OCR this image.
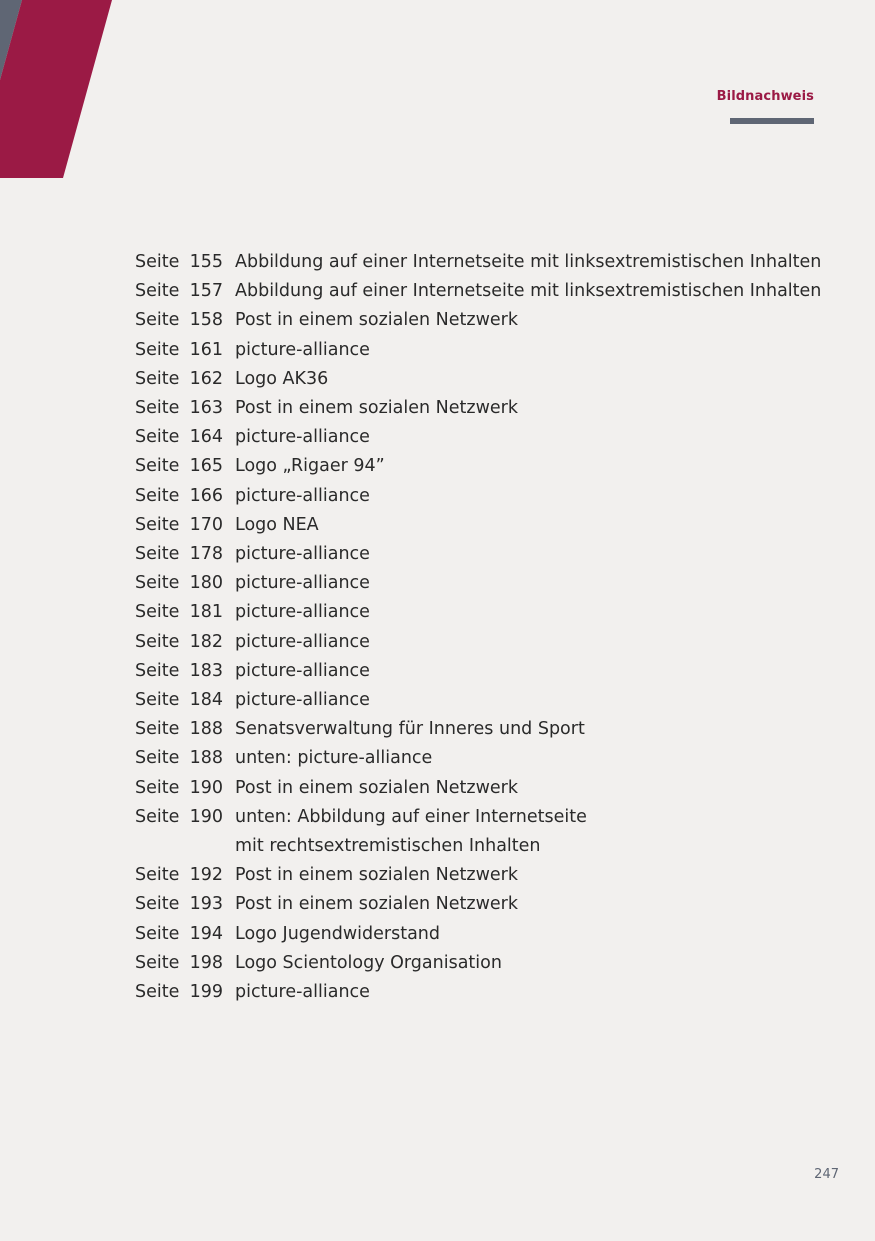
Bildnachweis
Seite 155 Abbildung auf einer Internetseite mit linksextremistischen Inhalten
Seite 157 Abbildung auf einer Internetseite mit linksextremistischen Inhalten
Seite 158 Post in einem sozialen Netzwerk
Seite 161 picture-alliance
Seite 162 Logo AK36
Seite 163 Post in einem sozialen Netzwerk
Seite 164 picture-alliance
Seite 165 Logo „Rigaer 94”
Seite 166 picture-alliance
Seite 170 Logo NEA
Seite 178 picture-alliance
Seite 180 picture-alliance
Seite 181 picture-alliance
Seite 182 picture-alliance
Seite 183 picture-alliance
Seite 184 picture-alliance
Seite 188 Senatsverwaltung für Inneres und Sport
Seite 188 unten: picture-alliance
Seite 190 Post in einem sozialen Netzwerk
Seite 190 unten: Abbildung auf einer Internetseite
mit rechtsextremistischen Inhalten
Seite 192 Post in einem sozialen Netzwerk
Seite 193 Post in einem sozialen Netzwerk
Seite 194 Logo Jugendwiderstand
Seite 198 Logo Scientology Organisation
Seite 199 picture-alliance
247
